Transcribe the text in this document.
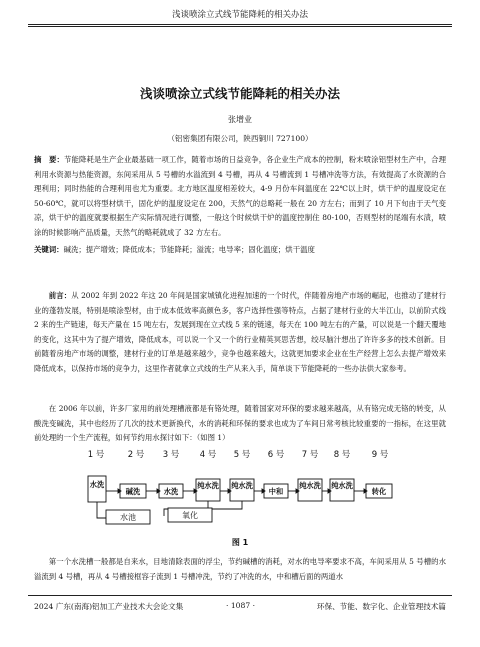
浅谈喷涂立式线节能降耗的相关办法
浅谈喷涂立式线节能降耗的相关办法
张增业
（铝密集团有限公司，陕西铜川 727100）
摘　要：节能降耗是生产企业最基础一项工作，随着市场的日益竞争，各企业生产成本的控制，粉末喷涂铝型材生产中，合理利用水资源与热能资源，东间采用从 5 号槽的水溢流到 4 号槽，再从 4 号槽流到 1 号槽冲洗等方法，有效提高了水资源的合理利用；同时热能的合理利用也尤为重要。北方地区温度相差较大，4-9 月份车间温度在 22℃以上时，烘干炉的温度设定在 50-60℃，就可以将型材烘干，固化炉的温度设定在 200，天然气的总略耗一般在 20 方左右；而到了 10 月下旬由于天气变凉，烘干炉的温度就要根据生产实际情况进行调整，一般这个时候烘干炉的温度控制住 80-100，否则型材的尾端有水渍，喷涂的时候影响产品质量，天然气的略耗就成了 32 方左右。
关键词：碱洗；提产增效；降低成本；节能降耗；溢流；电导率；固化温度；烘干温度

前言：从 2002 年到 2022 年这 20 年间是国家城镇化进程加速的一个时代，伴随着房地产市场的崛起，也推动了建材行业的蓬勃发展，特别是喷涂型材，由于成本低效率高颜色多，客户选择性强等特点，占据了建材行业的大半江山，以前阶式线 2 来的生产链速，每天产量在 15 吨左右，发展到现在立式线 5 来的链速，每天在 100 吨左右的产量，可以说是一个翻天覆地的变化，这其中为了提产增效，降低成本，可以说一个又一个的行业精英冥思苦想，绞尽脑汁想出了许许多多的技术创新。目前随着房地产市场的调整，建材行业的订单是越来越少，竞争也越来越大，这就更加要求企业在生产经营上怎么去提产增效来降低成本，以保持市场的竞争力，这里作者就拿立式线的生产从来入手，简单谈下节能降耗的一些办法供大家参考。

在 2006 年以前，许多厂家用的前处理槽液都是有铬处理，随着国家对环保的要求越来越高，从有铬完成无铬的转变，从酸洗变碱洗，其中也经历了几次的技术更新换代，水的消耗和环保的要求也成为了车间日常考核比较重要的一指标，在这里就前处理的一个生产流程，如何节约用水探讨如下：（如图 1）

1 号	2 号 3 号 4 号 5 号 6 号 7 号 8 号	9 号
水洗
碱洗	水洗
纯水洗 纯水洗
中和
纯水洗 纯水洗
转化
水池	氧化
图 1

第一个水洗槽一般都是自来水，目地清除表面的浮尘，节约碱槽的消耗，对水的电导率要求不高，车间采用从 5 号槽的水溢流到 4 号槽，再从 4 号槽接框容子流到 1 号槽冲洗，节约了冲洗的水，中和槽后面的两道水

2024 广东(南海)铝加工产业技术大会论文集	· 1087 ·	环保、节能、数字化、企业管理技术篇
